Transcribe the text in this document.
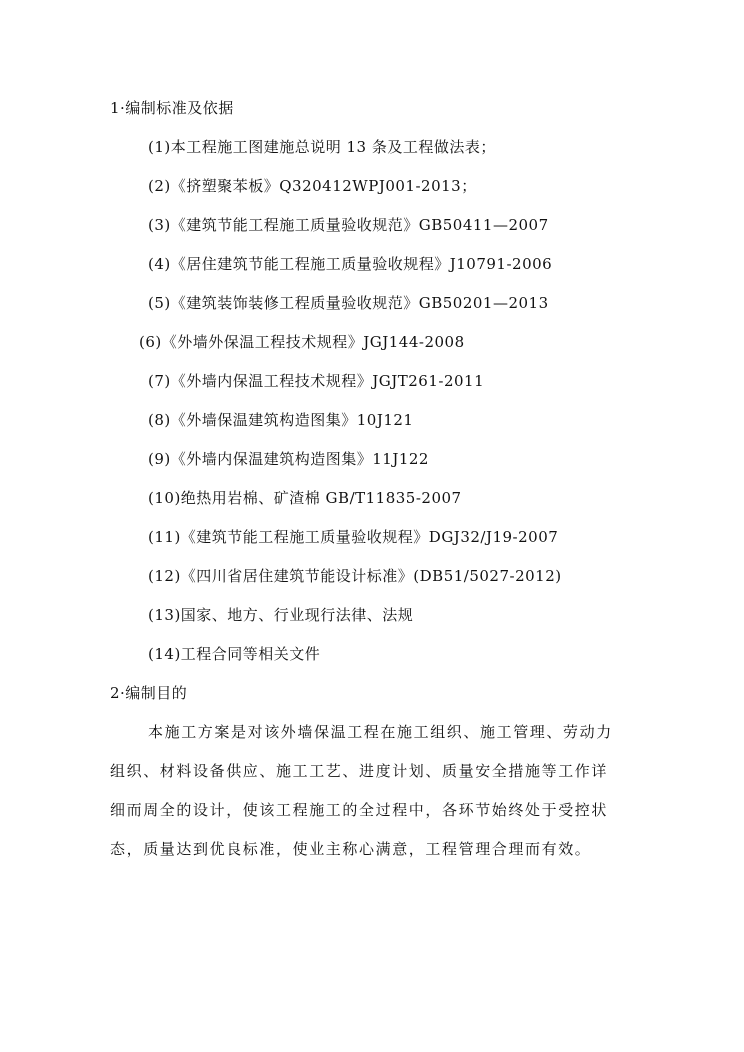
1·编制标准及依据
(1)本工程施工图建施总说明 13 条及工程做法表；
(2)《挤塑聚苯板》Q320412WPJ001-2013；
(3)《建筑节能工程施工质量验收规范》GB50411—2007
(4)《居住建筑节能工程施工质量验收规程》J10791-2006
(5)《建筑装饰装修工程质量验收规范》GB50201—2013
(6)《外墙外保温工程技术规程》JGJ144-2008
(7)《外墙内保温工程技术规程》JGJT261-2011
(8)《外墙保温建筑构造图集》10J121
(9)《外墙内保温建筑构造图集》11J122
(10)绝热用岩棉、矿渣棉 GB/T11835-2007
(11)《建筑节能工程施工质量验收规程》DGJ32/J19-2007
(12)《四川省居住建筑节能设计标准》(DB51/5027-2012)
(13)国家、地方、行业现行法律、法规
(14)工程合同等相关文件
2·编制目的
本施工方案是对该外墙保温工程在施工组织、施工管理、劳动力
组织、材料设备供应、施工工艺、进度计划、质量安全措施等工作详
细而周全的设计，使该工程施工的全过程中，各环节始终处于受控状
态，质量达到优良标准，使业主称心满意，工程管理合理而有效。
